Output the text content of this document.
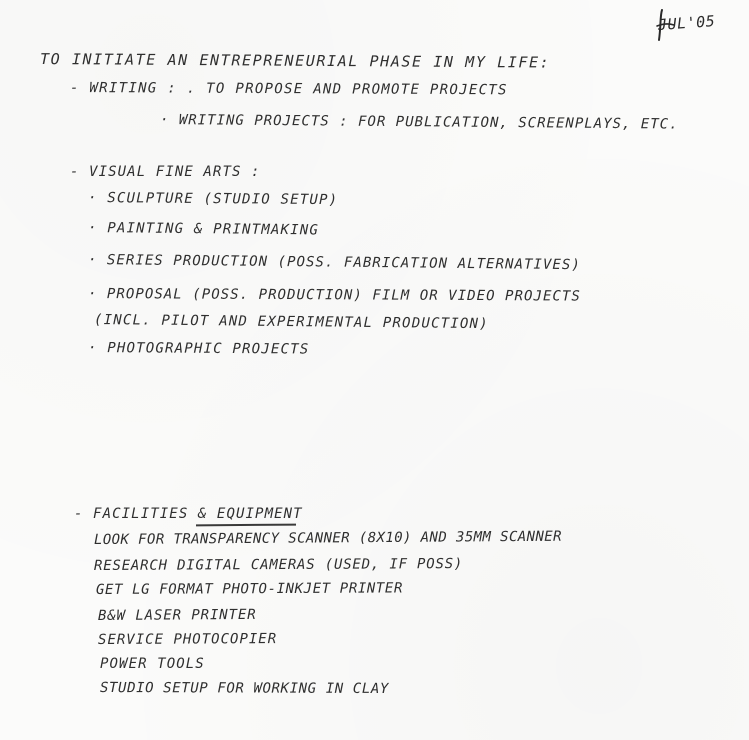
JUL'05
TO INITIATE AN ENTREPRENEURIAL PHASE IN MY LIFE:
- WRITING : . TO PROPOSE AND PROMOTE PROJECTS
· WRITING PROJECTS : FOR PUBLICATION, SCREENPLAYS, ETC.
- VISUAL FINE ARTS :
· SCULPTURE (STUDIO SETUP)
· PAINTING & PRINTMAKING
· SERIES PRODUCTION (POSS. FABRICATION ALTERNATIVES)
· PROPOSAL (POSS. PRODUCTION) FILM OR VIDEO PROJECTS
(INCL. PILOT AND EXPERIMENTAL PRODUCTION)
· PHOTOGRAPHIC PROJECTS
- FACILITIES & EQUIPMENT
LOOK FOR TRANSPARENCY SCANNER (8X10) AND 35MM SCANNER
RESEARCH DIGITAL CAMERAS (USED, IF POSS)
GET LG FORMAT PHOTO-INKJET PRINTER
B&W LASER PRINTER
SERVICE PHOTOCOPIER
POWER TOOLS
STUDIO SETUP FOR WORKING IN CLAY
